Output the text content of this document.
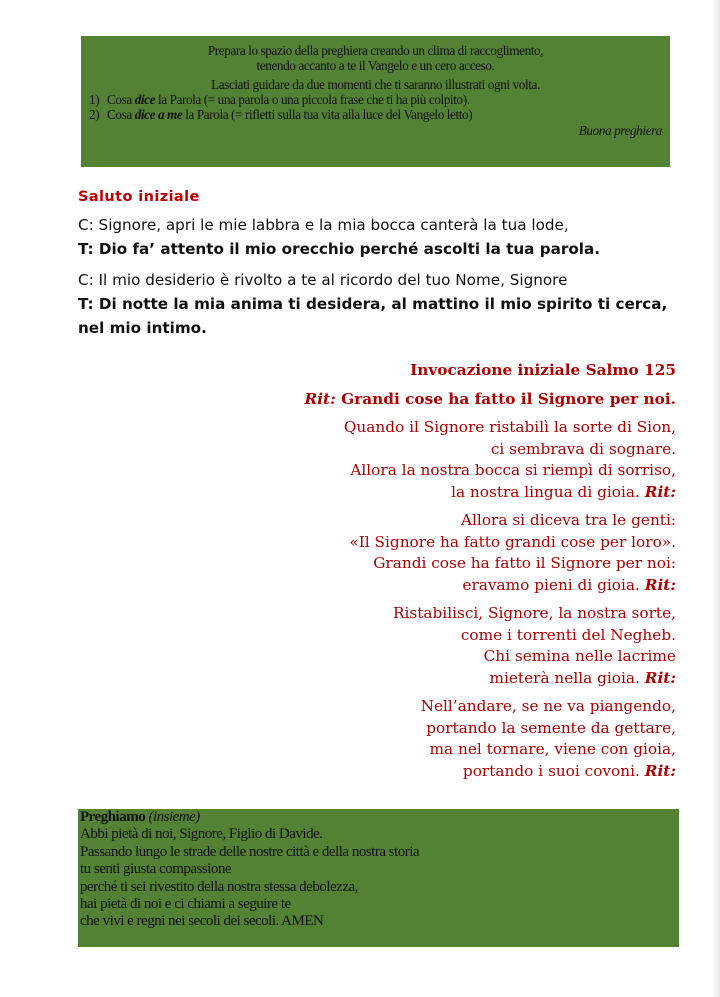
Prepara lo spazio della preghiera creando un clima di raccoglimento,
tenendo accanto a te il Vangelo e un cero acceso.
Lasciati guidare da due momenti che ti saranno illustrati ogni volta.
1) Cosa dice la Parola (= una parola o una piccola frase che ti ha più colpito).
2) Cosa dice a me la Parola (= rifletti sulla tua vita alla luce del Vangelo letto)
Buona preghiera
Saluto iniziale
C: Signore, apri le mie labbra e la mia bocca canterà la tua lode,
T: Dio fa’ attento il mio orecchio perché ascolti la tua parola.
C: Il mio desiderio è rivolto a te al ricordo del tuo Nome, Signore
T: Di notte la mia anima ti desidera, al mattino il mio spirito ti cerca,
nel mio intimo.
Invocazione iniziale Salmo 125
Rit: Grandi cose ha fatto il Signore per noi.
Quando il Signore ristabilì la sorte di Sion,
ci sembrava di sognare.
Allora la nostra bocca si riempì di sorriso,
la nostra lingua di gioia. Rit:
Allora si diceva tra le genti:
«Il Signore ha fatto grandi cose per loro».
Grandi cose ha fatto il Signore per noi:
eravamo pieni di gioia. Rit:
Ristabilisci, Signore, la nostra sorte,
come i torrenti del Negheb.
Chi semina nelle lacrime
mieterà nella gioia. Rit:
Nell’andare, se ne va piangendo,
portando la semente da gettare,
ma nel tornare, viene con gioia,
portando i suoi covoni. Rit:
Preghiamo (insieme)
Abbi pietà di noi, Signore, Figlio di Davide.
Passando lungo le strade delle nostre città e della nostra storia
tu senti giusta compassione
perché ti sei rivestito della nostra stessa debolezza,
hai pietà di noi e ci chiami a seguire te
che vivi e regni nei secoli dei secoli. AMEN
